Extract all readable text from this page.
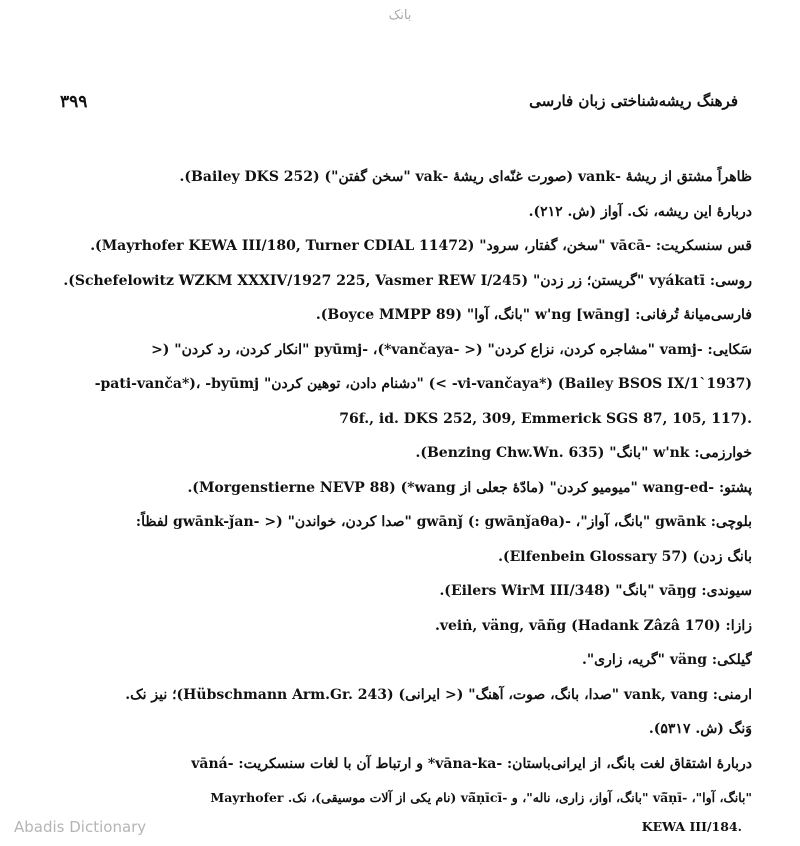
بانک
۳۹۹	فرهنگ ریشه‌شناختی زبان فارسی
ظاهراً مشتق از ریشهٔ -vank (صورت غنّه‌ای ریشهٔ -vak "سخن گفتن") (Bailey DKS 252).
دربارهٔ این ریشه، نک. آواز (ش. ۲۱۲).
قس سنسکریت: -vācā "سخن، گفتار، سرود" (Mayrhofer KEWA III/180, Turner CDIAL 11472).
روسی: vyákatī "گریستن؛ زر زدن" (Schefelowitz WZKM XXXIV/1927 225, Vasmer REW I/245).
فارسی‌میانهٔ تُرفانی: w'ng [wāng] "بانگ، آوا" (Boyce MMPP 89).
سَکایی: -vamj "مشاجره کردن، نزاع کردن" (< -vančaya*)، -pyūmj "انکار کردن، رد کردن" (<
-pati-vanča*)، -byūmj "دشنام دادن، توهین کردن" (< -vi-vančaya*) (Bailey BSOS IX/1`1937)
76f., id. DKS 252, 309, Emmerick SGS 87, 105, 117).
خوارزمی: w'nk "بانگ" (Benzing Chw.Wn. 635).
پشتو: -wang-ed "میومیو کردن" (مادّهٔ جعلی از wang*) (Morgenstierne NEVP 88).
بلوچی: gwānk "بانگ، آواز"، -gwānǰ (: gwānǰaθa) "صدا کردن، خواندن" (< -gwānk-ǰan لفظاً:
بانگ زدن) (Elfenbein Glossary 57).
سیوندی: vāŋg "بانگ" (Eilers WirM III/348).
زازا: veiṅ, väng, vāñg (Hadank Zâzâ 170).
گیلکی: väng "گریه، زاری".
ارمنی: vank, vang "صدا، بانگ، صوت، آهنگ" (< ایرانی) (Hübschmann Arm.Gr. 243)؛ نیز نک.
وَنگ (ش. ۵۳۱۷).
دربارهٔ اشتقاق لغت بانگ، از ایرانی‌باستان: -vāna-ka* و ارتباط آن با لغات سنسکریت: -vāná
"بانگ، آوا"، -vā̃ṇī "بانگ، آواز، زاری، ناله"، و -vā̃ṇīcī (نام یکی از آلات موسیقی)، نک. Mayrhofer
KEWA III/184.
Abadis Dictionary
